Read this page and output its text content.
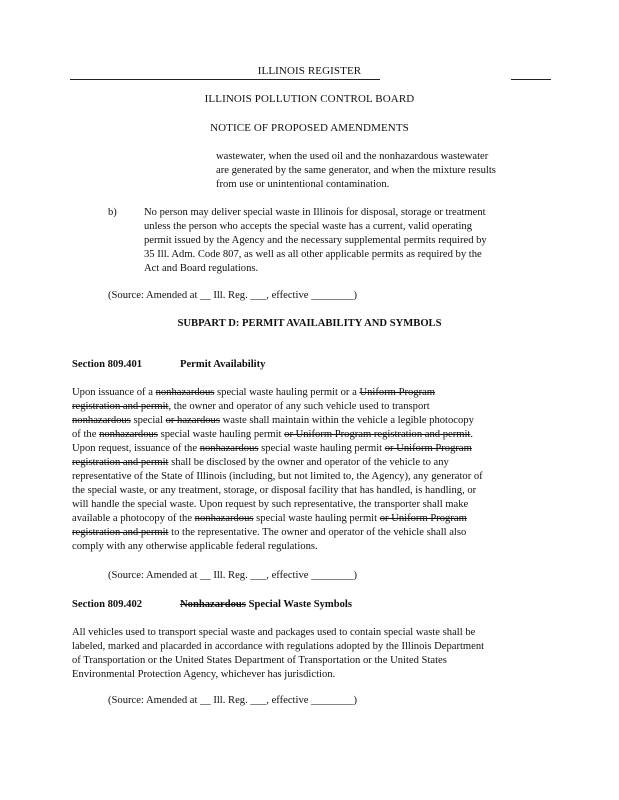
ILLINOIS REGISTER
ILLINOIS POLLUTION CONTROL BOARD
NOTICE OF PROPOSED AMENDMENTS

wastewater, when the used oil and the nonhazardous wastewater

are generated by the same generator, and when the mixture results

from use or unintentional contamination.

b)	No person may deliver special waste in Illinois for disposal, storage or treatment

unless the person who accepts the special waste has a current, valid operating

permit issued by the Agency and the necessary supplemental permits required by

35 Ill. Adm. Code 807, as well as all other applicable permits as required by the

Act and Board regulations.

(Source: Amended at __ Ill. Reg. ___, effective ________)
SUBPART D: PERMIT AVAILABILITY AND SYMBOLS
Section 809.401	Permit Availability

Upon issuance of a nonhazardous special waste hauling permit or a Uniform Program

registration and permit, the owner and operator of any such vehicle used to transport

nonhazardous special or hazardous waste shall maintain within the vehicle a legible photocopy

of the nonhazardous special waste hauling permit or Uniform Program registration and permit.

Upon request, issuance of the nonhazardous special waste hauling permit or Uniform Program

registration and permit shall be disclosed by the owner and operator of the vehicle to any

representative of the State of Illinois (including, but not limited to, the Agency), any generator of

the special waste, or any treatment, storage, or disposal facility that has handled, is handling, or

will handle the special waste. Upon request by such representative, the transporter shall make

available a photocopy of the nonhazardous special waste hauling permit or Uniform Program

registration and permit to the representative. The owner and operator of the vehicle shall also

comply with any otherwise applicable federal regulations.

(Source: Amended at __ Ill. Reg. ___, effective ________)
Section 809.402	Nonhazardous Special Waste Symbols

All vehicles used to transport special waste and packages used to contain special waste shall be

labeled, marked and placarded in accordance with regulations adopted by the Illinois Department

of Transportation or the United States Department of Transportation or the United States

Environmental Protection Agency, whichever has jurisdiction.

(Source: Amended at __ Ill. Reg. ___, effective ________)
